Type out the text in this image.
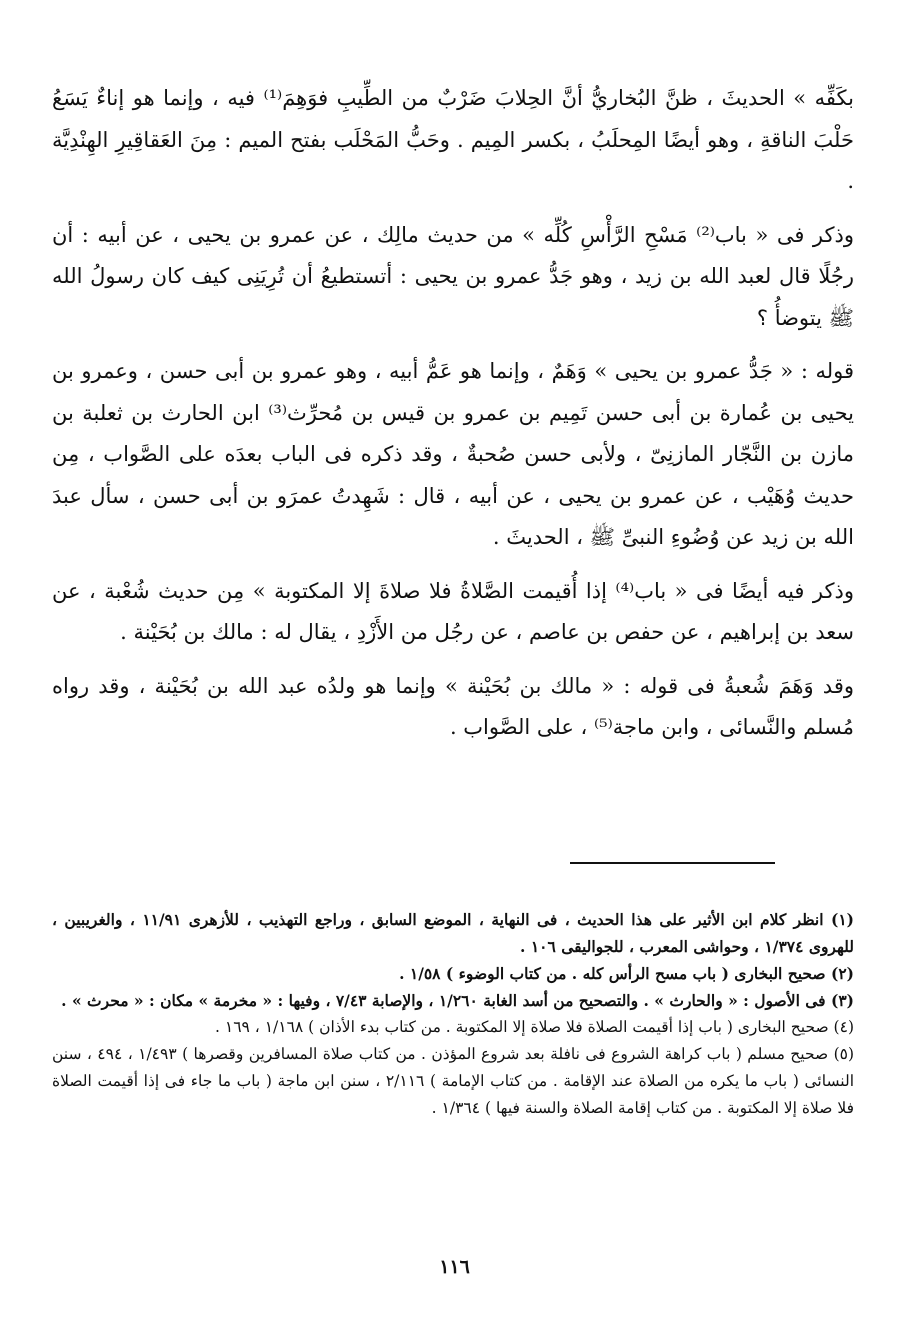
بكَفِّه » الحديثَ ، ظنَّ البُخاريُّ أنَّ الحِلابَ ضَرْبٌ من الطِّيبِ فوَهِمَ⁽¹⁾ فيه ، وإنما هو إناءٌ يَسَعُ حَلْبَ الناقةِ ، وهو أيضًا المِحلَبُ ، بكسر المِيم . وحَبُّ المَحْلَب بفتح الميم : مِنَ العَقاقِيرِ الهِنْدِيَّة .

وذكر فى « باب⁽²⁾ مَسْحِ الرَّأْسِ كُلِّه » من حديث مالِك ، عن عمرو بن يحيى ، عن أبيه : أن رجُلًا قال لعبد الله بن زيد ، وهو جَدُّ عمرو بن يحيى : أتستطيعُ أن تُرِيَنِى كيف كان رسولُ الله ﷺ يتوضأُ ؟

قوله : « جَدُّ عمرو بن يحيى » وَهَمٌ ، وإنما هو عَمُّ أبيه ، وهو عمرو بن أبى حسن ، وعمرو بن يحيى بن عُمارة بن أبى حسن تَمِيم بن عمرو بن قيس بن مُحرِّث⁽³⁾ ابن الحارث بن ثعلبة بن مازن بن النَّجّار المازنِىّ ، ولأبى حسن صُحبةٌ ، وقد ذكره فى الباب بعدَه على الصَّواب ، مِن حديث وُهَيْب ، عن عمرو بن يحيى ، عن أبيه ، قال : شَهِدتُ عمرَو بن أبى حسن ، سأل عبدَ الله بن زيد عن وُضُوءِ النبىِّ ﷺ ، الحديثَ .

وذكر فيه أيضًا فى « باب⁽⁴⁾ إذا أُقيمت الصَّلاةُ فلا صلاةَ إلا المكتوبة » مِن حديث شُعْبة ، عن سعد بن إبراهيم ، عن حفص بن عاصم ، عن رجُل من الأَزْدِ ، يقال له : مالك بن بُحَيْنة .

وقد وَهَمَ شُعبةُ فى قوله : « مالك بن بُحَيْنة » وإنما هو ولدُه عبد الله بن بُحَيْنة ، وقد رواه مُسلم والنَّسائى ، وابن ماجة⁽⁵⁾ ، على الصَّواب .

(١) انظر كلام ابن الأثير على هذا الحديث ، فى النهاية ، الموضع السابق ، وراجع التهذيب ، للأزهرى ١١/٩١ ، والغريبين ، للهروى ١/٣٧٤ ، وحواشى المعرب ، للجواليقى ١٠٦ .

(٢) صحيح البخارى ( باب مسح الرأس كله . من كتاب الوضوء ) ١/٥٨ .

(٣) فى الأصول : « والحارث » . والتصحيح من أسد الغابة ١/٢٦٠ ، والإصابة ٧/٤٣ ، وفيها : « مخرمة » مكان : « محرث » .

(٤) صحيح البخارى ( باب إذا أقيمت الصلاة فلا صلاة إلا المكتوبة . من كتاب بدء الأذان ) ١/١٦٨ ، ١٦٩ .

(٥) صحيح مسلم ( باب كراهة الشروع فى نافلة بعد شروع المؤذن . من كتاب صلاة المسافرين وقصرها ) ١/٤٩٣ ، ٤٩٤ ، سنن النسائى ( باب ما يكره من الصلاة عند الإقامة . من كتاب الإمامة ) ٢/١١٦ ، سنن ابن ماجة ( باب ما جاء فى إذا أقيمت الصلاة فلا صلاة إلا المكتوبة . من كتاب إقامة الصلاة والسنة فيها ) ١/٣٦٤ .

١١٦
